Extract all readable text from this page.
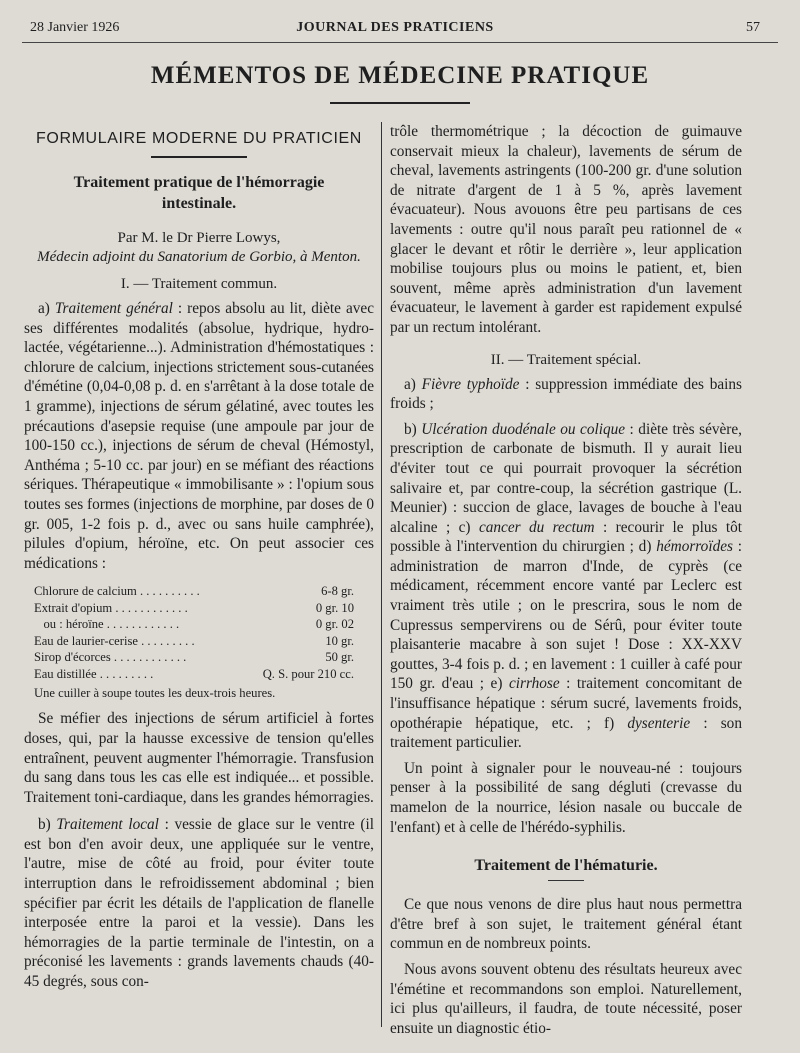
28 Janvier 1926	JOURNAL DES PRATICIENS	57
MÉMENTOS DE MÉDECINE PRATIQUE
FORMULAIRE MODERNE DU PRATICIEN
Traitement pratique de l'hémorragie
intestinale.
Par M. le Dr Pierre Lowys,
Médecin adjoint du Sanatorium de Gorbio, à Menton.
I. — Traitement commun.

a) Traitement général : repos absolu au lit, diète avec ses différentes modalités (absolue, hydrique, hydro-lactée, végétarienne...). Administration d'hémostatiques : chlorure de calcium, injections strictement sous-cutanées d'émétine (0,04-0,08 p. d. en s'arrêtant à la dose totale de 1 gramme), injections de sérum gélatiné, avec toutes les précautions d'asepsie requise (une ampoule par jour de 100-150 cc.), injections de sérum de cheval (Hémostyl, Anthéma ; 5-10 cc. par jour) en se méfiant des réactions sériques. Thérapeutique « immobilisante » : l'opium sous toutes ses formes (injections de morphine, par doses de 0 gr. 005, 1-2 fois p. d., avec ou sans huile camphrée), pilules d'opium, héroïne, etc. On peut associer ces médications :

Chlorure de calcium . . . . . . . . . .	6-8 gr.
Extrait d'opium . . . . . . . . . . . .	0 gr. 10
ou : héroïne . . . . . . . . . . . .	0 gr. 02
Eau de laurier-cerise . . . . . . . . .	10 gr.
Sirop d'écorces . . . . . . . . . . . .	50 gr.
Eau distillée . . . . . . . . .	Q. S. pour 210 cc.
Une cuiller à soupe toutes les deux-trois heures.

Se méfier des injections de sérum artificiel à fortes doses, qui, par la hausse excessive de tension qu'elles entraînent, peuvent augmenter l'hémorragie. Transfusion du sang dans tous les cas elle est indiquée... et possible. Traitement toni-cardiaque, dans les grandes hémorragies.

b) Traitement local : vessie de glace sur le ventre (il est bon d'en avoir deux, une appliquée sur le ventre, l'autre, mise de côté au froid, pour éviter toute interruption dans le refroidissement abdominal ; bien spécifier par écrit les détails de l'application de flanelle interposée entre la paroi et la vessie). Dans les hémorragies de la partie terminale de l'intestin, on a préconisé les lavements : grands lavements chauds (40-45 degrés, sous con-

trôle thermométrique ; la décoction de guimauve conservait mieux la chaleur), lavements de sérum de cheval, lavements astringents (100-200 gr. d'une solution de nitrate d'argent de 1 à 5 %, après lavement évacuateur). Nous avouons être peu partisans de ces lavements : outre qu'il nous paraît peu rationnel de « glacer le devant et rôtir le derrière », leur application mobilise toujours plus ou moins le patient, et, bien souvent, même après administration d'un lavement évacuateur, le lavement à garder est rapidement expulsé par un rectum intolérant.

II. — Traitement spécial.

a) Fièvre typhoïde : suppression immédiate des bains froids ;

b) Ulcération duodénale ou colique : diète très sévère, prescription de carbonate de bismuth. Il y aurait lieu d'éviter tout ce qui pourrait provoquer la sécrétion salivaire et, par contre-coup, la sécrétion gastrique (L. Meunier) : succion de glace, lavages de bouche à l'eau alcaline ; c) cancer du rectum : recourir le plus tôt possible à l'intervention du chirurgien ; d) hémorroïdes : administration de marron d'Inde, de cyprès (ce médicament, récemment encore vanté par Leclerc est vraiment très utile ; on le prescrira, sous le nom de Cupressus sempervirens ou de Sérû, pour éviter toute plaisanterie macabre à son sujet ! Dose : XX-XXV gouttes, 3-4 fois p. d. ; en lavement : 1 cuiller à café pour 150 gr. d'eau ; e) cirrhose : traitement concomitant de l'insuffisance hépatique : sérum sucré, lavements froids, opothérapie hépatique, etc. ; f) dysenterie : son traitement particulier.

Un point à signaler pour le nouveau-né : toujours penser à la possibilité de sang dégluti (crevasse du mamelon de la nourrice, lésion nasale ou buccale de l'enfant) et à celle de l'hérédo-syphilis.

Traitement de l'hématurie.

Ce que nous venons de dire plus haut nous permettra d'être bref à son sujet, le traitement général étant commun en de nombreux points.

Nous avons souvent obtenu des résultats heureux avec l'émétine et recommandons son emploi. Naturellement, ici plus qu'ailleurs, il faudra, de toute nécessité, poser ensuite un diagnostic étio-
